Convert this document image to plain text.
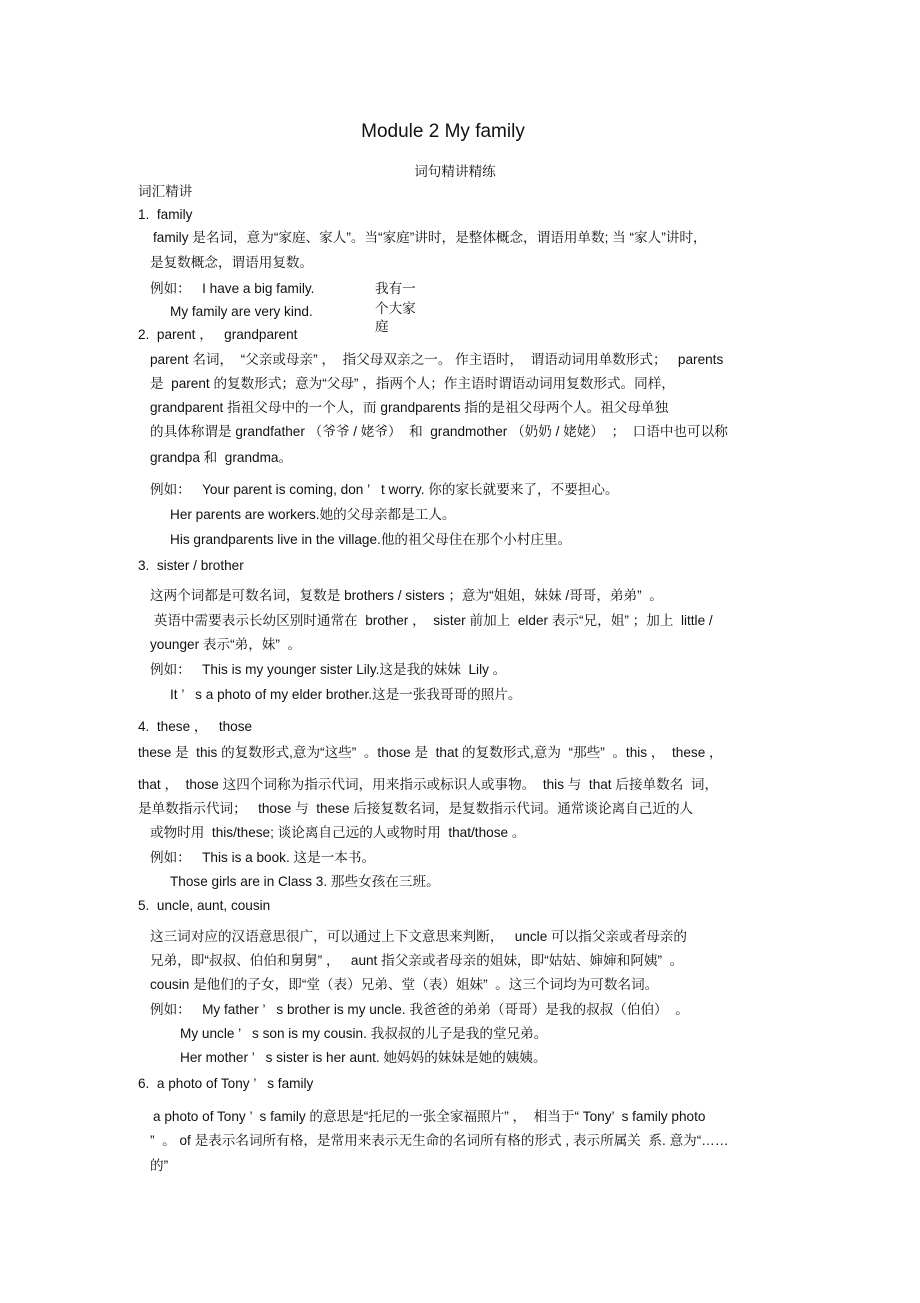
Module 2 My family
词句精讲精练
词汇精讲
1.  family
family 是名词，意为“家庭、家人”。当“家庭”讲时，是整体概念，谓语用单数; 当 “家人”讲时，
是复数概念，谓语用复数。
例如：   I have a big family.	我有一
My family are very kind.	个大家
庭
2.  parent ，   grandparent
parent 名词，  “父亲或母亲” ，  指父母双亲之一。 作主语时，  谓语动词用单数形式；   parents
是  parent 的复数形式；意为“父母” ，指两个人；作主语时谓语动词用复数形式。同样，
grandparent 指祖父母中的一个人，而 grandparents 指的是祖父母两个人。祖父母单独
的具体称谓是 grandfather （爷爷 / 姥爷）  和  grandmother （奶奶 / 姥姥）  ；  口语中也可以称
grandpa 和  grandma。
例如：   Your parent is coming, don ’   t worry. 你的家长就要来了，不要担心。
Her parents are workers.她的父母亲都是工人。
His grandparents live in the village.他的祖父母住在那个小村庄里。
3.  sister / brother
这两个词都是可数名词，复数是 brothers / sisters ；意为“姐姐，妹妹 /哥哥，弟弟”  。
英语中需要表示长幼区别时通常在  brother ，  sister 前加上  elder 表示“兄，姐” ；加上  little /
younger 表示“弟，妹”  。
例如：   This is my younger sister Lily.这是我的妹妹  Lily 。
It ’   s a photo of my elder brother.这是一张我哥哥的照片。
4.  these ，   those
these 是  this 的复数形式,意为“这些”  。those 是  that 的复数形式,意为  “那些”  。this ，  these ，
that ，  those 这四个词称为指示代词，用来指示或标识人或事物。  this 与  that 后接单数名  词，
是单数指示代词；   those 与  these 后接复数名词，是复数指示代词。通常谈论离自己近的人
或物时用  this/these; 谈论离自己远的人或物时用  that/those 。
例如：   This is a book. 这是一本书。
Those girls are in Class 3. 那些女孩在三班。
5.  uncle, aunt, cousin
这三词对应的汉语意思很广，可以通过上下文意思来判断，   uncle 可以指父亲或者母亲的
兄弟，即“叔叔、伯伯和舅舅” ，   aunt 指父亲或者母亲的姐妹，即“姑姑、婶婶和阿姨”  。
cousin 是他们的子女，即“堂（表）兄弟、堂（表）姐妹”  。这三个词均为可数名词。
例如：   My father ’   s brother is my uncle. 我爸爸的弟弟（哥哥）是我的叔叔（伯伯）  。
My uncle ’   s son is my cousin. 我叔叔的儿子是我的堂兄弟。
Her mother ’   s sister is her aunt. 她妈妈的妹妹是她的姨姨。
6.  a photo of Tony ’   s family
a photo of Tony ’  s family 的意思是“托尼的一张全家福照片” ，  相当于“ Tony’  s family photo
”  。 of 是表示名词所有格，是常用来表示无生命的名词所有格的形式 , 表示所属关  系. 意为“……
的”
